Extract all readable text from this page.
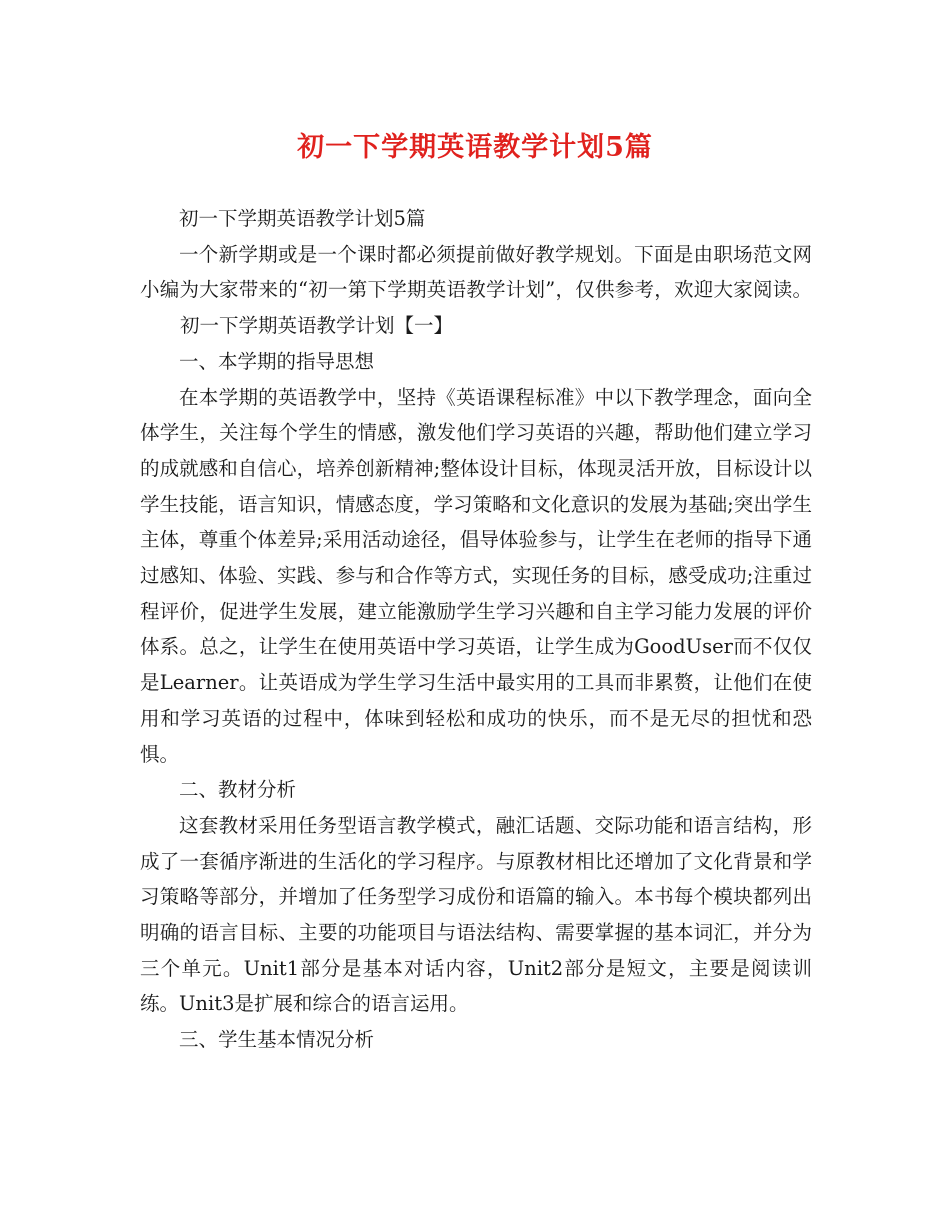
初一下学期英语教学计划5篇

初一下学期英语教学计划5篇

一个新学期或是一个课时都必须提前做好教学规划。下面是由职场范文网小编为大家带来的“初一第下学期英语教学计划”，仅供参考，欢迎大家阅读。初一下学期英语教学计划【一】

一、本学期的指导思想

在本学期的英语教学中，坚持《英语课程标准》中以下教学理念，面向全体学生，关注每个学生的情感，激发他们学习英语的兴趣，帮助他们建立学习的成就感和自信心，培养创新精神;整体设计目标，体现灵活开放，目标设计以学生技能，语言知识，情感态度，学习策略和文化意识的发展为基础;突出学生主体，尊重个体差异;采用活动途径，倡导体验参与，让学生在老师的指导下通过感知、体验、实践、参与和合作等方式，实现任务的目标，感受成功;注重过程评价，促进学生发展，建立能激励学生学习兴趣和自主学习能力发展的评价体系。总之，让学生在使用英语中学习英语，让学生成为GoodUser而不仅仅是Learner。让英语成为学生学习生活中最实用的工具而非累赘，让他们在使用和学习英语的过程中，体味到轻松和成功的快乐，而不是无尽的担忧和恐惧。

二、教材分析

这套教材采用任务型语言教学模式，融汇话题、交际功能和语言结构，形成了一套循序渐进的生活化的学习程序。与原教材相比还增加了文化背景和学习策略等部分，并增加了任务型学习成份和语篇的输入。本书每个模块都列出明确的语言目标、主要的功能项目与语法结构、需要掌握的基本词汇，并分为三个单元。Unit1部分是基本对话内容，Unit2部分是短文，主要是阅读训练。Unit3是扩展和综合的语言运用。

三、学生基本情况分析
